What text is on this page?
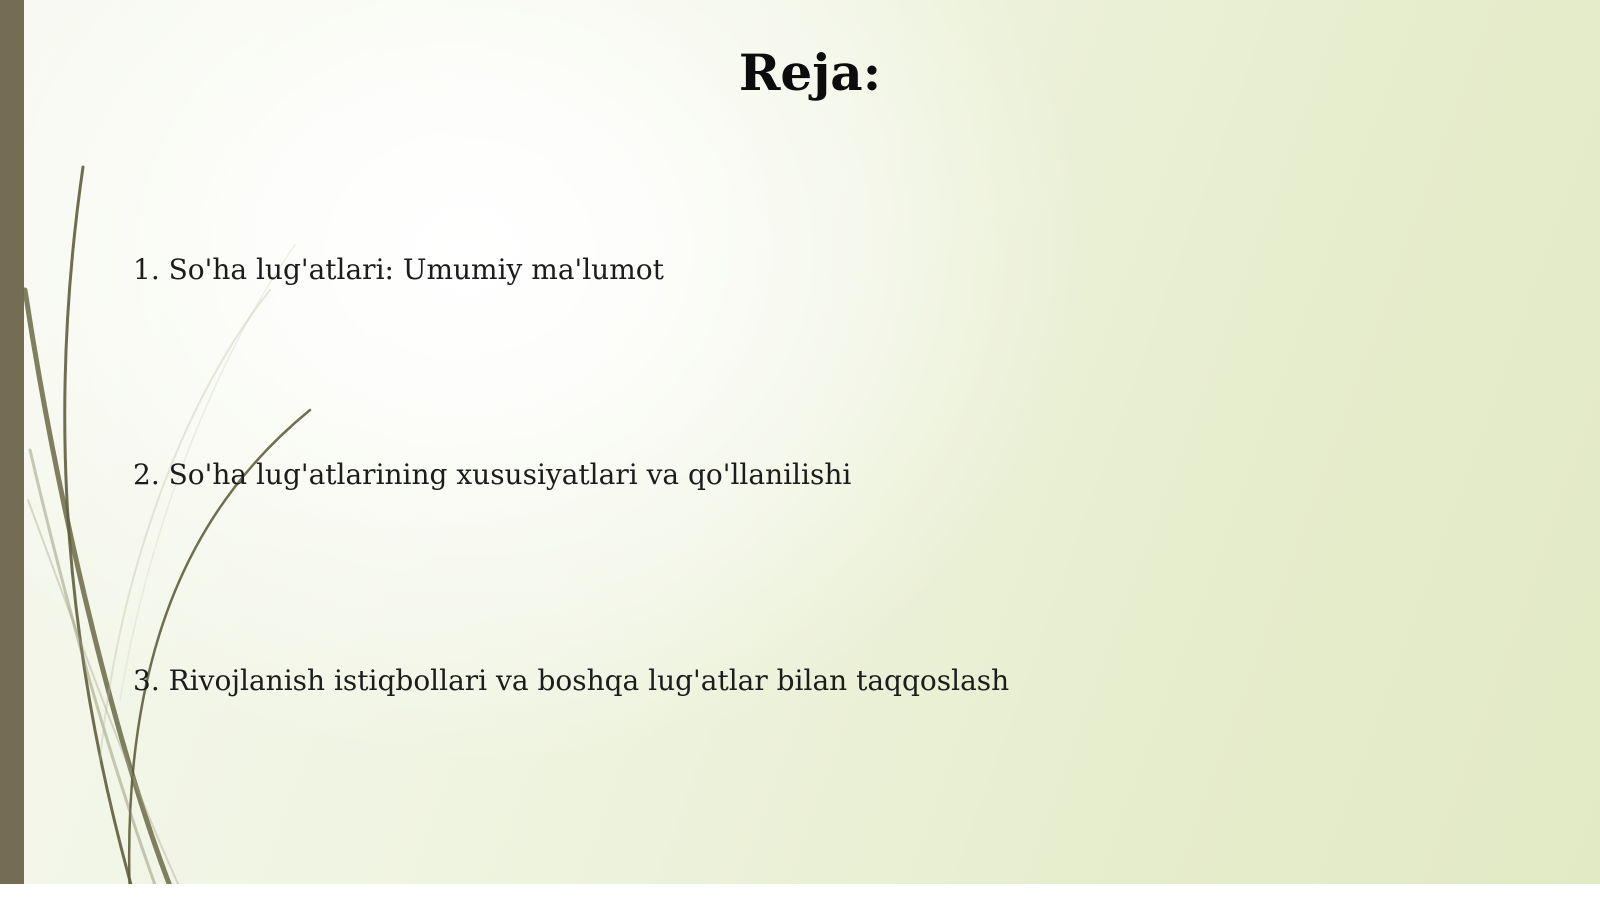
Reja:
1. So'ha lug'atlari: Umumiy ma'lumot
2. So'ha lug'atlarining xususiyatlari va qo'llanilishi
3. Rivojlanish istiqbollari va boshqa lug'atlar bilan taqqoslash
